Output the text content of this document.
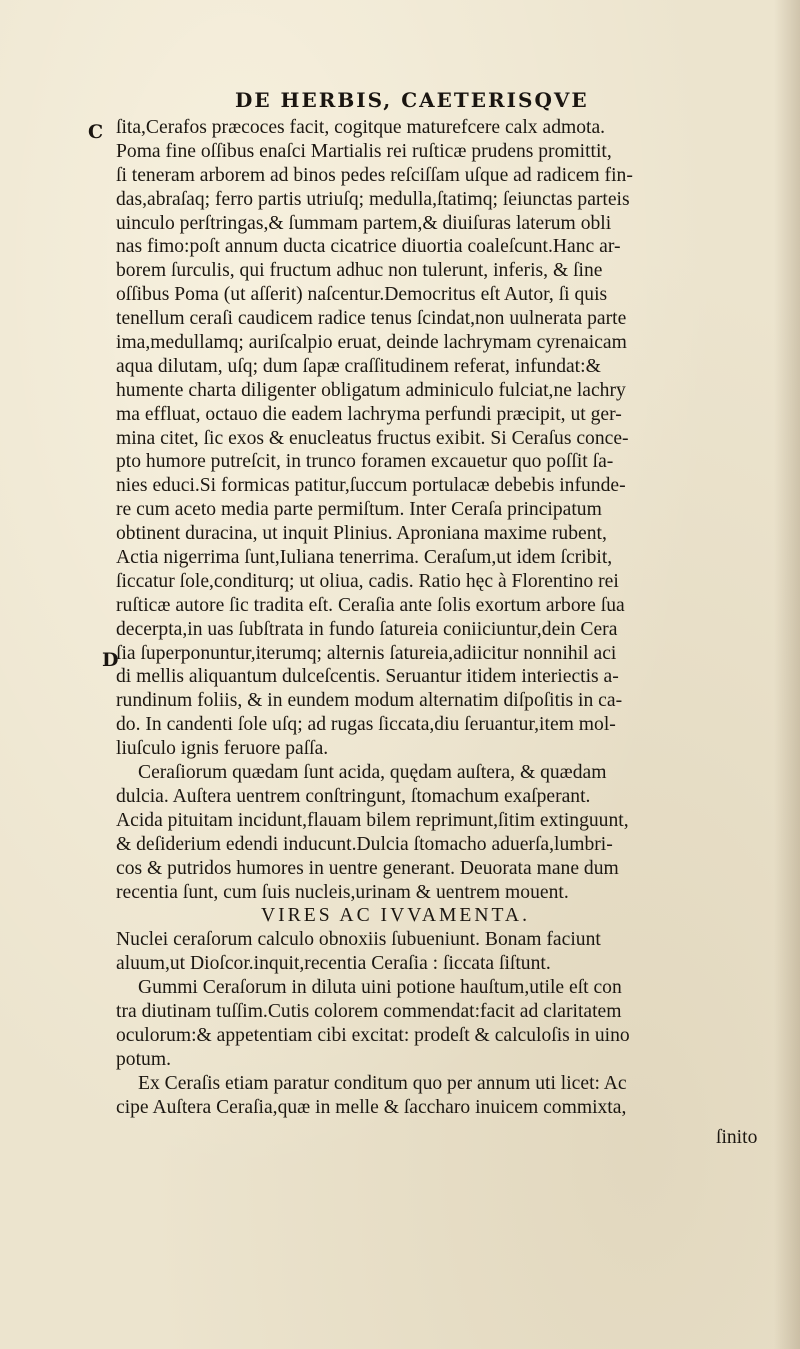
DE HERBIS, CAETERISQVE
C
D
ſita,Cerafos præcoces facit, cogitque maturefcere calx admota.
Poma fine oſſibus enaſci Martialis rei ruſticæ prudens promittit,
ſi teneram arborem ad binos pedes reſciſſam uſque ad radicem fin-
das,abraſaq; ferro partis utriuſq; medulla,ſtatimq; ſeiunctas parteis
uinculo perſtringas,& ſummam partem,& diuiſuras laterum obli
nas fimo:poſt annum ducta cicatrice diuortia coaleſcunt.Hanc ar-
borem ſurculis, qui fructum adhuc non tulerunt, inferis, & ſine
oſſibus Poma (ut aſſerit) naſcentur.Democritus eſt Autor, ſi quis
tenellum ceraſi caudicem radice tenus ſcindat,non uulnerata parte
ima,medullamq; auriſcalpio eruat, deinde lachrymam cyrenaicam
aqua dilutam, uſq; dum ſapæ craſſitudinem referat, infundat:&
humente charta diligenter obligatum adminiculo fulciat,ne lachry
ma effluat, octauo die eadem lachryma perfundi præcipit, ut ger-
mina citet, ſic exos & enucleatus fructus exibit. Si Ceraſus conce-
pto humore putreſcit, in trunco foramen excauetur quo poſſit ſa-
nies educi.Si formicas patitur,ſuccum portulacæ debebis infunde-
re cum aceto media parte permiſtum. Inter Ceraſa principatum
obtinent duracina, ut inquit Plinius. Aproniana maxime rubent,
Actia nigerrima ſunt,Iuliana tenerrima. Ceraſum,ut idem ſcribit,
ſiccatur ſole,conditurq; ut oliua, cadis. Ratio hęc à Florentino rei
ruſticæ autore ſic tradita eſt. Ceraſia ante ſolis exortum arbore ſua
decerpta,in uas ſubſtrata in fundo ſatureia coniiciuntur,dein Cera
ſia ſuperponuntur,iterumq; alternis ſatureia,adiicitur nonnihil aci
di mellis aliquantum dulceſcentis. Seruantur itidem interiectis a-
rundinum foliis, & in eundem modum alternatim diſpoſitis in ca-
do. In candenti ſole uſq; ad rugas ſiccata,diu ſeruantur,item mol-
liuſculo ignis feruore paſſa.
Ceraſiorum quædam ſunt acida, quędam auſtera, & quædam
dulcia. Auſtera uentrem conſtringunt, ſtomachum exaſperant.
Acida pituitam incidunt,flauam bilem reprimunt,ſitim extinguunt,
& deſiderium edendi inducunt.Dulcia ſtomacho aduerſa,lumbri-
cos & putridos humores in uentre generant. Deuorata mane dum
recentia ſunt, cum ſuis nucleis,urinam & uentrem mouent.
VIRES AC IVVAMENTA.
Nuclei ceraſorum calculo obnoxiis ſubueniunt. Bonam faciunt
aluum,ut Dioſcor.inquit,recentia Ceraſia : ſiccata ſiſtunt.
Gummi Ceraſorum in diluta uini potione hauſtum,utile eſt con
tra diutinam tuſſim.Cutis colorem commendat:facit ad claritatem
oculorum:& appetentiam cibi excitat: prodeſt & calculoſis in uino
potum.
Ex Ceraſis etiam paratur conditum quo per annum uti licet: Ac
cipe Auſtera Ceraſia,quæ in melle & ſaccharo inuicem commixta,
ſinito
